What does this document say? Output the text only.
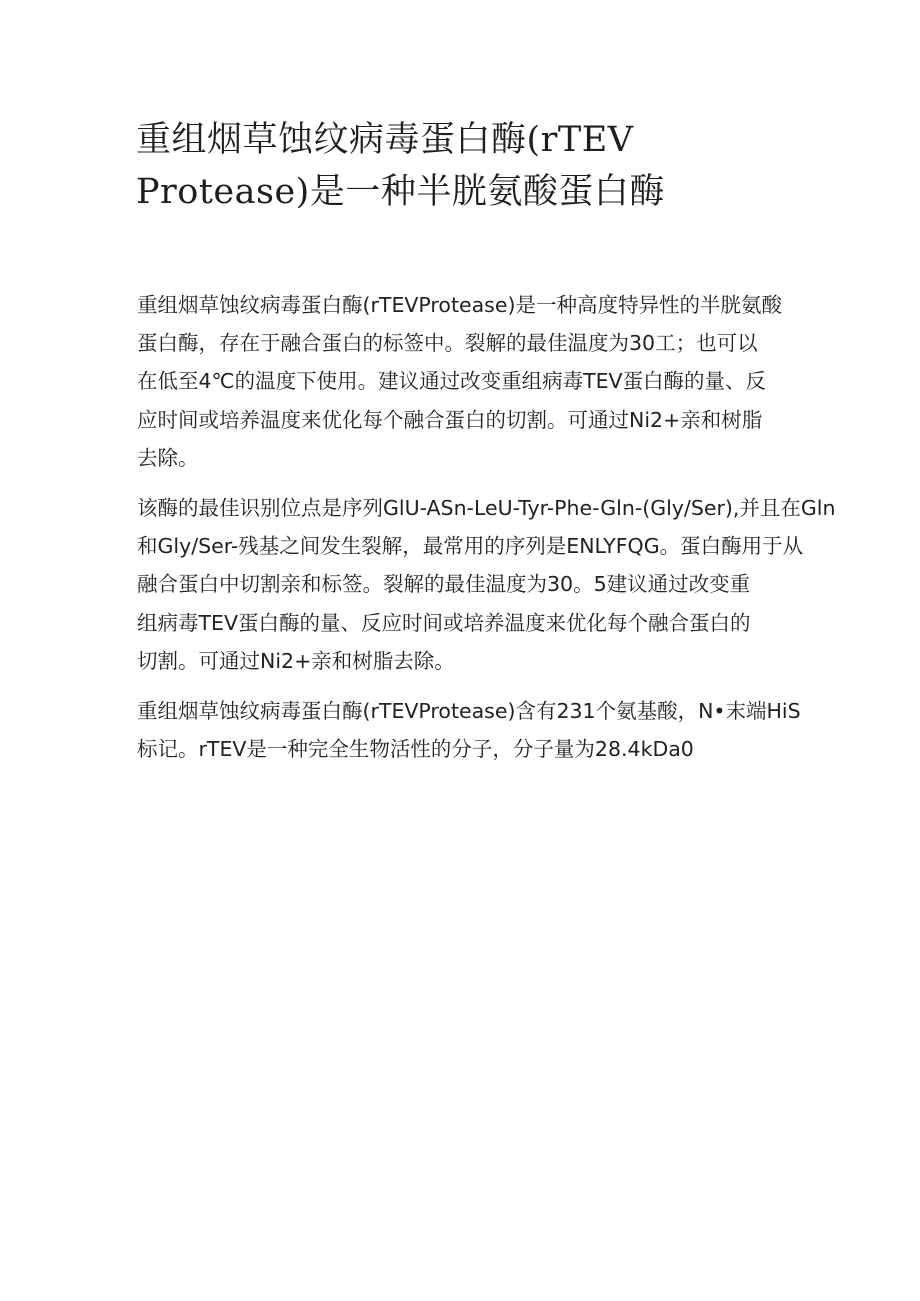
重组烟草蚀纹病毒蛋白酶(rTEV
Protease)是一种半胱氨酸蛋白酶

重组烟草蚀纹病毒蛋白酶(rTEVProtease)是一种高度特异性的半胱氨酸
蛋白酶，存在于融合蛋白的标签中。裂解的最佳温度为30工；也可以
在低至4℃的温度下使用。建议通过改变重组病毒TEV蛋白酶的量、反
应时间或培养温度来优化每个融合蛋白的切割。可通过Ni2+亲和树脂
去除。

该酶的最佳识别位点是序列GlU-ASn-LeU-Tyr-Phe-Gln-(Gly/Ser),并且在Gln
和Gly/Ser-残基之间发生裂解，最常用的序列是ENLYFQG。蛋白酶用于从
融合蛋白中切割亲和标签。裂解的最佳温度为30。5建议通过改变重
组病毒TEV蛋白酶的量、反应时间或培养温度来优化每个融合蛋白的
切割。可通过Ni2+亲和树脂去除。

重组烟草蚀纹病毒蛋白酶(rTEVProtease)含有231个氨基酸，N•末端HiS
标记。rTEV是一种完全生物活性的分子，分子量为28.4kDa0
